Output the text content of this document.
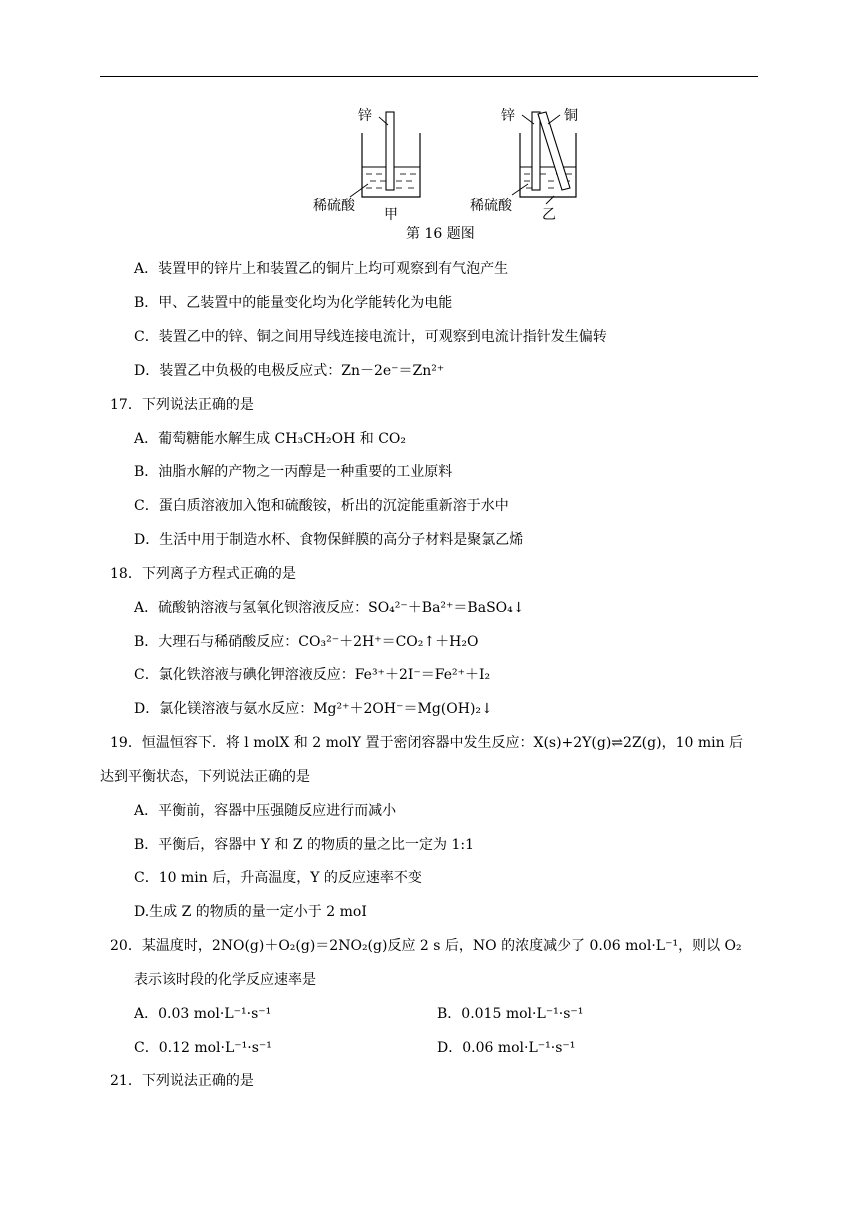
锌
稀硫酸
甲
锌	铜
稀硫酸
乙
第 16 题图
A．装置甲的锌片上和装置乙的铜片上均可观察到有气泡产生
B．甲、乙装置中的能量变化均为化学能转化为电能
C．装置乙中的锌、铜之间用导线连接电流计，可观察到电流计指针发生偏转
D．装置乙中负极的电极反应式：Zn－2e⁻＝Zn²⁺
17．下列说法正确的是
A．葡萄糖能水解生成 CH₃CH₂OH 和 CO₂
B．油脂水解的产物之一丙醇是一种重要的工业原料
C．蛋白质溶液加入饱和硫酸铵，析出的沉淀能重新溶于水中
D．生活中用于制造水杯、食物保鲜膜的高分子材料是聚氯乙烯
18．下列离子方程式正确的是
A．硫酸钠溶液与氢氧化钡溶液反应：SO₄²⁻＋Ba²⁺＝BaSO₄↓
B．大理石与稀硝酸反应：CO₃²⁻＋2H⁺＝CO₂↑＋H₂O
C．氯化铁溶液与碘化钾溶液反应：Fe³⁺＋2I⁻＝Fe²⁺＋I₂
D．氯化镁溶液与氨水反应：Mg²⁺＋2OH⁻＝Mg(OH)₂↓
19．恒温恒容下．将 l molX 和 2 molY 置于密闭容器中发生反应：X(s)+2Y(g)⇌2Z(g)，10 min 后
达到平衡状态，下列说法正确的是
A．平衡前，容器中压强随反应进行而减小
B．平衡后，容器中 Y 和 Z 的物质的量之比一定为 1:1
C．10 min 后，升高温度，Y 的反应速率不变
D.生成 Z 的物质的量一定小于 2 moI
20．某温度时，2NO(g)＋O₂(g)＝2NO₂(g)反应 2 s 后，NO 的浓度减少了 0.06 mol·L⁻¹，则以 O₂
表示该时段的化学反应速率是
A．0.03 mol·L⁻¹·s⁻¹	B．0.015 mol·L⁻¹·s⁻¹
C．0.12 mol·L⁻¹·s⁻¹	D．0.06 mol·L⁻¹·s⁻¹
21．下列说法正确的是
